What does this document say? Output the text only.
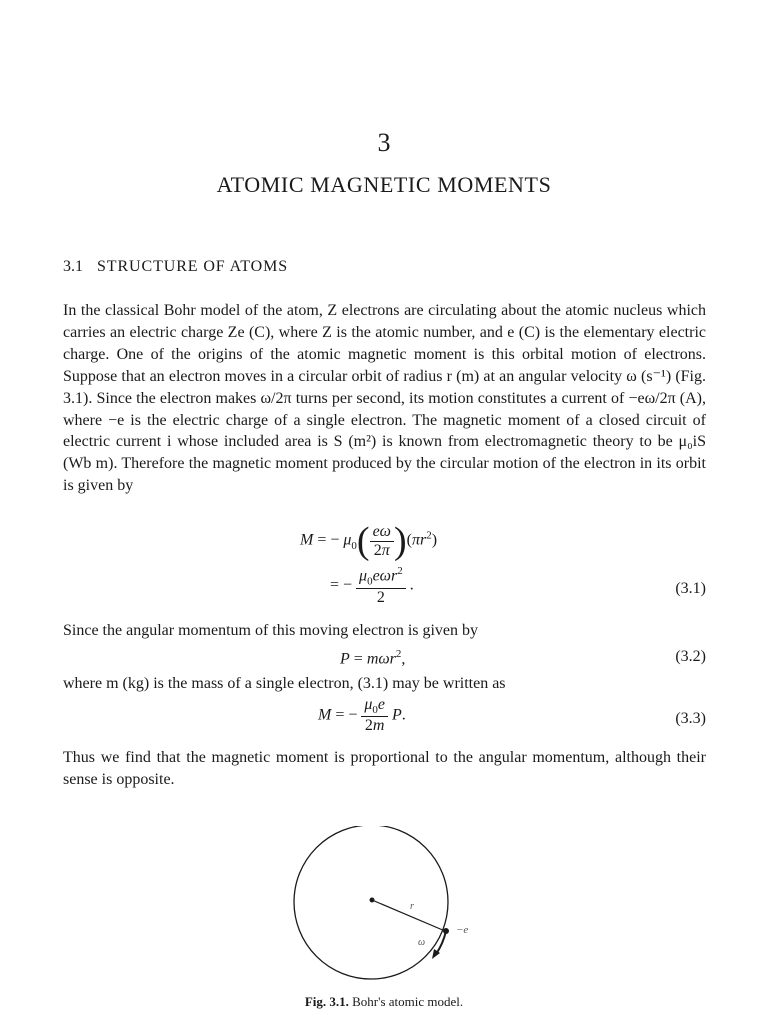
3
ATOMIC MAGNETIC MOMENTS
3.1 STRUCTURE OF ATOMS
In the classical Bohr model of the atom, Z electrons are circulating about the atomic nucleus which carries an electric charge Ze (C), where Z is the atomic number, and e (C) is the elementary electric charge. One of the origins of the atomic magnetic moment is this orbital motion of electrons. Suppose that an electron moves in a circular orbit of radius r (m) at an angular velocity ω (s⁻¹) (Fig. 3.1). Since the electron makes ω/2π turns per second, its motion constitutes a current of −eω/2π (A), where −e is the electric charge of a single electron. The magnetic moment of a closed circuit of electric current i whose included area is S (m²) is known from electromagnetic theory to be μ₀iS (Wb m). Therefore the magnetic moment produced by the circular motion of the electron in its orbit is given by
M = − $\mu_0( \frac{e\omega}{2\pi} )(\pi r^2)$
= − $\frac{\mu_0e\omega r^2}{2}$ .	(3.1)
Since the angular momentum of this moving electron is given by
P = mωr$^2$,	(3.2)
where m (kg) is the mass of a single electron, (3.1) may be written as
M = − $\frac{\mu_0e}{2m} P$.	(3.3)
Thus we find that the magnetic moment is proportional to the angular momentum, although their sense is opposite.
r
−e
ω
Fig. 3.1. Bohr's atomic model.
